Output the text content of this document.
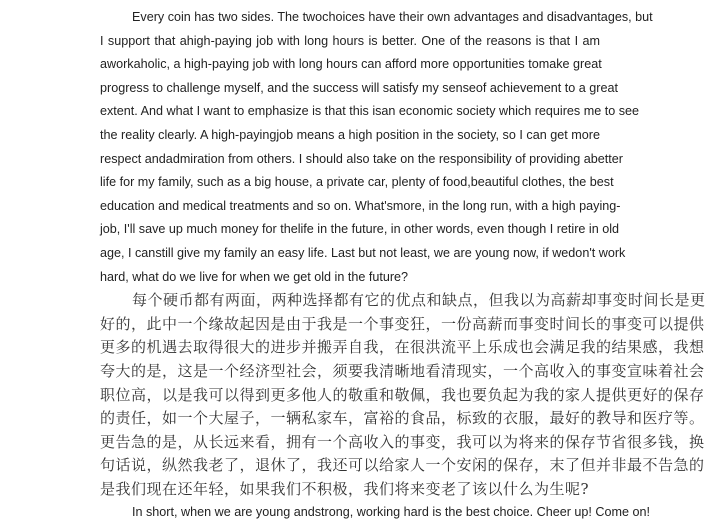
Every coin has two sides. The twochoices have their own advantages and disadvantages, but
I support that ahigh-paying job with long hours is better. One of the reasons is that I am
aworkaholic, a high-paying job with long hours can afford more opportunities tomake great
progress to challenge myself, and the success will satisfy my senseof achievement to a great
extent. And what I want to emphasize is that this isan economic society which requires me to see
the reality clearly. A high-payingjob means a high position in the society, so I can get more
respect andadmiration from others. I should also take on the responsibility of providing abetter
life for my family, such as a big house, a private car, plenty of food,beautiful clothes, the best
education and medical treatments and so on. What'smore, in the long run, with a high paying-
job, I'll save up much money for thelife in the future, in other words, even though I retire in old
age, I canstill give my family an easy life. Last but not least, we are young now, if wedon't work
hard, what do we live for when we get old in the future?
每个硬币都有两面，两种选择都有它的优点和缺点，但我以为高薪却事变时间长是更
好的，此中一个缘故起因是由于我是一个事变狂，一份高薪而事变时间长的事变可以提供
更多的机遇去取得很大的进步并搬弄自我，在很洪流平上乐成也会满足我的结果感，我想
夸大的是，这是一个经济型社会，须要我清晰地看清现实，一个高收入的事变宣味着社会
职位高，以是我可以得到更多他人的敬重和敬佩，我也要负起为我的家人提供更好的保存
的责任，如一个大屋子，一辆私家车，富裕的食品，标致的衣服，最好的教导和医疗等。
更告急的是，从长远来看，拥有一个高收入的事变，我可以为将来的保存节省很多钱，换
句话说，纵然我老了，退休了，我还可以给家人一个安闲的保存，末了但并非最不告急的
是我们现在还年轻，如果我们不积极，我们将来变老了该以什么为生呢?
In short, when we are young andstrong, working hard is the best choice. Cheer up! Come on!
